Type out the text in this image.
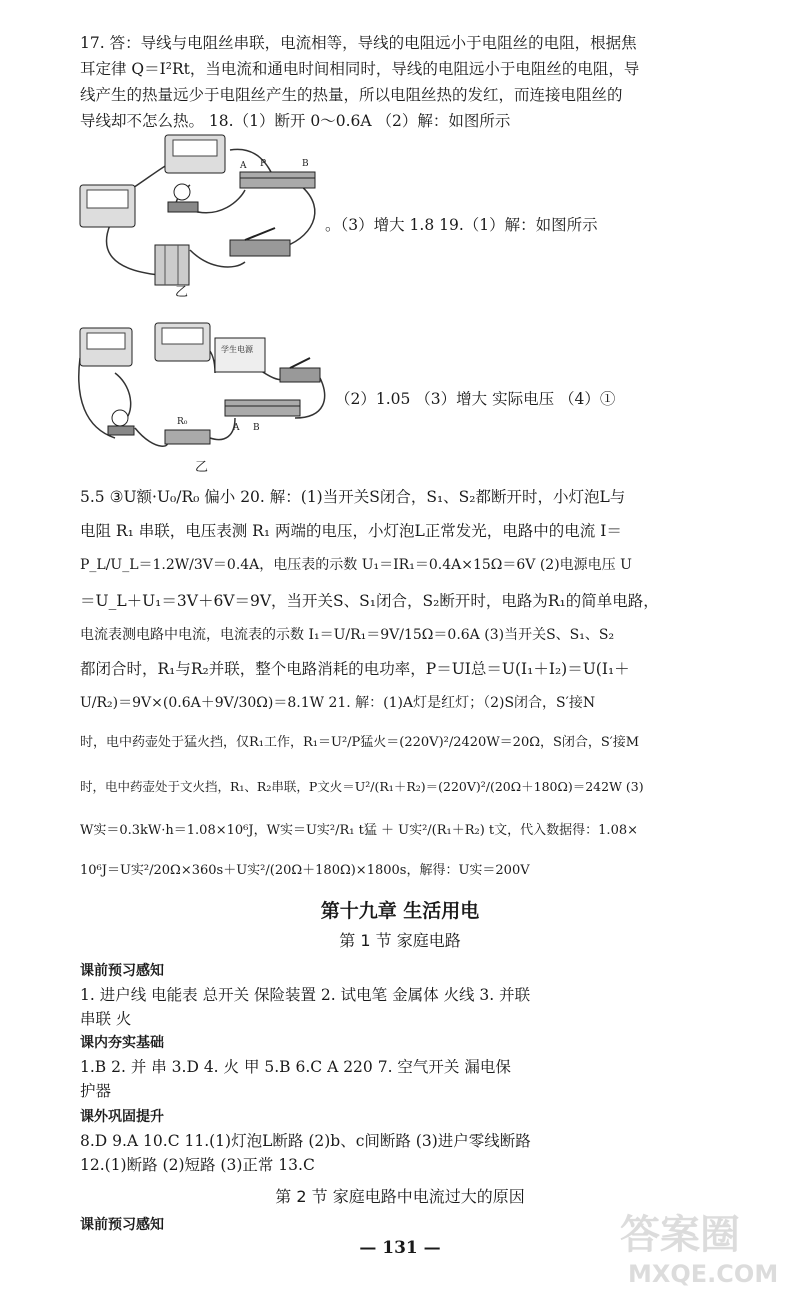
17. 答：导线与电阻丝串联，电流相等，导线的电阻远小于电阻丝的电阻，根据焦
耳定律 Q＝I²Rt，当电流和通电时间相同时，导线的电阻远小于电阻丝的电阻，导
线产生的热量远少于电阻丝产生的热量，所以电阻丝热的发红，而连接电阻丝的
导线却不怎么热。 18.（1）断开 0～0.6A （2）解：如图所示
P
A	B
乙
。（3）增大 1.8 19.（1）解：如图所示
学生电源
R₀
A B
乙
（2）1.05 （3）增大 实际电压 （4）①
5.5 ③U额·U₀/R₀ 偏小 20. 解：(1)当开关S闭合，S₁、S₂都断开时，小灯泡L与
电阻 R₁ 串联，电压表测 R₁ 两端的电压，小灯泡L正常发光，电路中的电流 I＝
P_L/U_L＝1.2W/3V＝0.4A，电压表的示数 U₁＝IR₁＝0.4A×15Ω＝6V (2)电源电压 U
＝U_L＋U₁＝3V＋6V＝9V，当开关S、S₁闭合，S₂断开时，电路为R₁的简单电路，
电流表测电路中电流，电流表的示数 I₁＝U/R₁＝9V/15Ω＝0.6A (3)当开关S、S₁、S₂
都闭合时，R₁与R₂并联，整个电路消耗的电功率，P＝UI总＝U(I₁＋I₂)＝U(I₁＋
U/R₂)＝9V×(0.6A＋9V/30Ω)＝8.1W 21. 解：(1)A灯是红灯；（2)S闭合，S′接N
时，电中药壶处于猛火挡，仅R₁工作，R₁＝U²/P猛火＝(220V)²/2420W＝20Ω，S闭合，S′接M
时，电中药壶处于文火挡，R₁、R₂串联，P文火＝U²/(R₁＋R₂)＝(220V)²/(20Ω＋180Ω)＝242W (3)
W实＝0.3kW·h＝1.08×10⁶J，W实＝U实²/R₁ t猛 ＋ U实²/(R₁＋R₂) t文，代入数据得：1.08×
10⁶J＝U实²/20Ω×360s＋U实²/(20Ω＋180Ω)×1800s，解得：U实＝200V
第十九章 生活用电
第 1 节 家庭电路
课前预习感知
1. 进户线 电能表 总开关 保险装置 2. 试电笔 金属体 火线 3. 并联
串联 火
课内夯实基础
1.B 2. 并 串 3.D 4. 火 甲 5.B 6.C A 220 7. 空气开关 漏电保
护器
课外巩固提升
8.D 9.A 10.C 11.(1)灯泡L断路 (2)b、c间断路 (3)进户零线断路
12.(1)断路 (2)短路 (3)正常 13.C
第 2 节 家庭电路中电流过大的原因
课前预习感知
— 131 —	答案圈
MXQE.COM
